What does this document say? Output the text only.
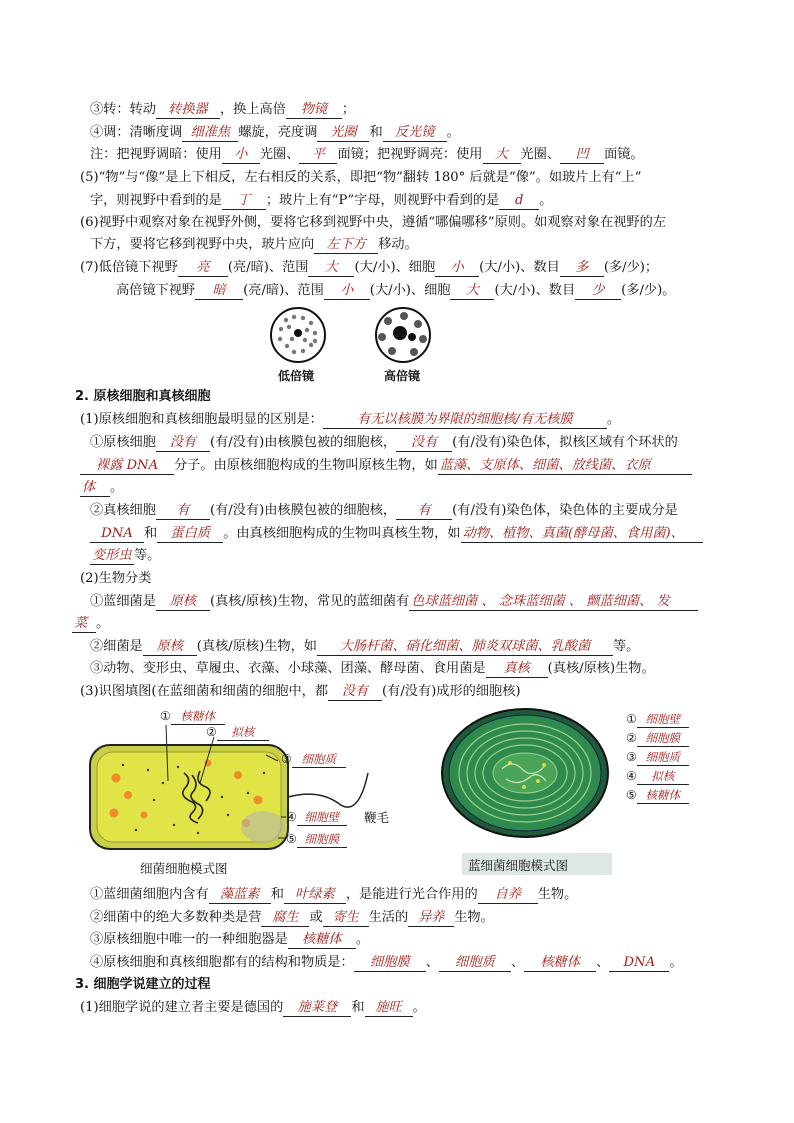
③转：转动 转换器 ，换上高倍 物镜 ；
④调：清晰度调 细准焦 螺旋，亮度调 光圈 和 反光镜 。
注：把视野调暗：使用 小 光圈、 平 面镜；把视野调亮：使用 大 光圈、 凹 面镜。
(5)“物”与“像”是上下相反，左右相反的关系，即把“物”翻转 180° 后就是“像”。如玻片上有“上”
字，则视野中看到的是 丁 ；玻片上有“P”字母，则视野中看到的是 d 。
(6)视野中观察对象在视野外侧，要将它移到视野中央，遵循“哪偏哪移”原则。如观察对象在视野的左
下方，要将它移到视野中央，玻片应向 左下方 移动。
(7)低倍镜下视野 亮 (亮/暗)、范围 大 (大/小)、细胞 小 (大/小)、数目 多 (多/少)；
高倍镜下视野 暗 (亮/暗)、范围 小 (大/小)、细胞 大 (大/小)、数目 少 (多/少)。
低倍镜	高倍镜
2. 原核细胞和真核细胞
(1)原核细胞和真核细胞最明显的区别是：	有无以核膜为界限的细胞核/有无核膜	。
①原核细胞 没有 (有/没有)由核膜包被的细胞核， 没有 (有/没有)染色体，拟核区域有个环状的
裸露 DNA 分子。由原核细胞构成的生物叫原核生物，如 蓝藻、支原体、细菌、放线菌、衣原
体 。
②真核细胞 有 (有/没有)由核膜包被的细胞核， 有 (有/没有)染色体，染色体的主要成分是
DNA 和 蛋白质 。由真核细胞构成的生物叫真核生物，如 动物、植物、真菌(酵母菌、食用菌)、
变形虫 等。
(2)生物分类
①蓝细菌是 原核 (真核/原核)生物，常见的蓝细菌有 色球蓝细菌 、 念珠蓝细菌 、 颤蓝细菌、 发
菜 。
②细菌是 原核 (真核/原核)生物，如 大肠杆菌、硝化细菌、肺炎双球菌、乳酸菌 等。
③动物、变形虫、草履虫、衣藻、小球藻、团藻、酵母菌、食用菌是 真核 (真核/原核)生物。
(3)识图填图(在蓝细菌和细菌的细胞中，都 没有 (有/没有)成形的细胞核)
① 核糖体
② 拟核
③ 细胞质
④ 细胞壁
⑤ 细胞膜
鞭毛
细菌细胞模式图	蓝细菌细胞模式图
① 细胞壁
② 细胞膜
③ 细胞质
④ 拟核
⑤ 核糖体
①蓝细菌细胞内含有 藻蓝素 和 叶绿素 ，是能进行光合作用的 自养 生物。
②细菌中的绝大多数种类是营 腐生 或 寄生 生活的 异养 生物。
③原核细胞中唯一的一种细胞器是 核糖体 。
④原核细胞和真核细胞都有的结构和物质是： 细胞膜 、 细胞质 、 核糖体 、 DNA 。
3. 细胞学说建立的过程
(1)细胞学说的建立者主要是德国的 施莱登 和 施旺 。
